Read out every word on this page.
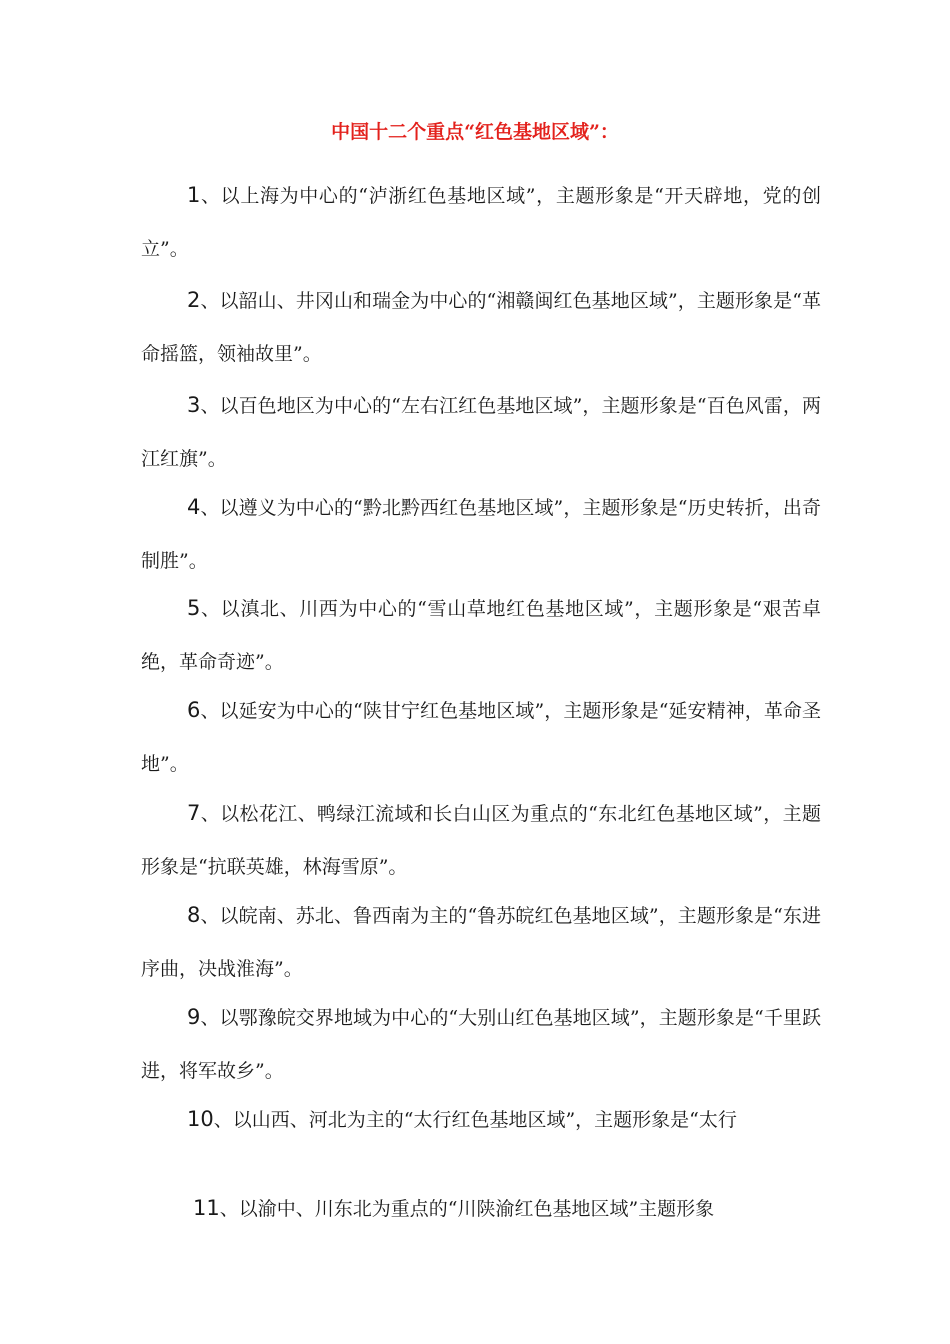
中国十二个重点“红色基地区域”：

1、以上海为中心的“泸浙红色基地区域”，主题形象是“开天辟地，党的创立”。

2、以韶山、井冈山和瑞金为中心的“湘赣闽红色基地区域”，主题形象是“革命摇篮，领袖故里”。

3、以百色地区为中心的“左右江红色基地区域”，主题形象是“百色风雷，两江红旗”。

4、以遵义为中心的“黔北黔西红色基地区域”，主题形象是“历史转折，出奇制胜”。

5、以滇北、川西为中心的“雪山草地红色基地区域”，主题形象是“艰苦卓绝，革命奇迹”。

6、以延安为中心的“陕甘宁红色基地区域”，主题形象是“延安精神，革命圣地”。

7、以松花江、鸭绿江流域和长白山区为重点的“东北红色基地区域”，主题形象是“抗联英雄，林海雪原”。

8、以皖南、苏北、鲁西南为主的“鲁苏皖红色基地区域”，主题形象是“东进序曲，决战淮海”。

9、以鄂豫皖交界地域为中心的“大别山红色基地区域”，主题形象是“千里跃进，将军故乡”。

10、以山西、河北为主的“太行红色基地区域”，主题形象是“太行

11、以渝中、川东北为重点的“川陕渝红色基地区域”主题形象
